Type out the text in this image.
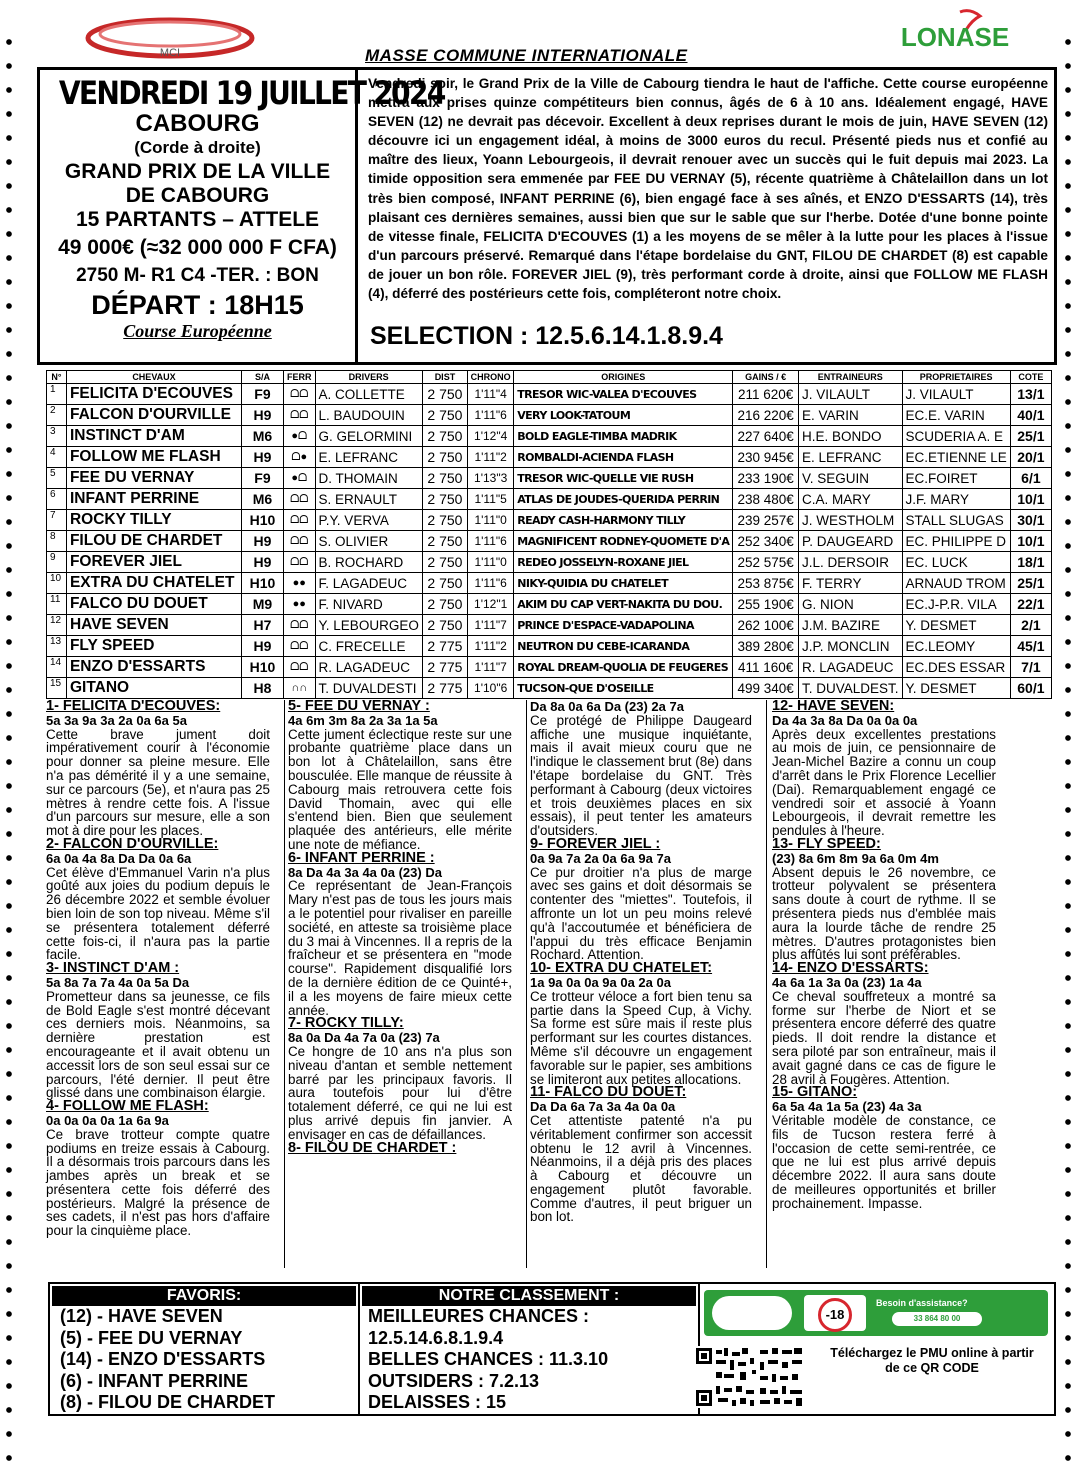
MCI
LONASE
MASSE COMMUNE INTERNATIONALE
VENDREDI 19 JUILLET 2024
CABOURG
(Corde à droite)
GRAND PRIX DE LA VILLE
DE CABOURG
15 PARTANTS – ATTELE
49 000€ (≈32 000 000 F CFA)
2750 M- R1 C4 -TER. : BON
DÉPART : 18H15
Course Européenne
Vendredi soir, le Grand Prix de la Ville de Cabourg tiendra le haut de l'affiche. Cette course européenne mettra aux prises quinze compétiteurs bien connus, âgés de 6 à 10 ans. Idéalement engagé, HAVE SEVEN (12) ne devrait pas décevoir. Excellent à deux reprises durant le mois de juin, HAVE SEVEN (12) découvre ici un engagement idéal, à moins de 3000 euros du recul. Présenté pieds nus et confié au maître des lieux, Yoann Lebourgeois, il devrait renouer avec un succès qui le fuit depuis mai 2023. La timide opposition sera emmenée par FEE DU VERNAY (5), récente quatrième à Châtelaillon dans un lot très bien composé, INFANT PERRINE (6), bien engagé face à ses aînés, et ENZO D'ESSARTS (14), très plaisant ces dernières semaines, aussi bien que sur le sable que sur l'herbe. Dotée d'une bonne pointe de vitesse finale, FELICITA D'ECOUVES (1) a les moyens de se mêler à la lutte pour les places à l'issue d'un parcours préservé. Remarqué dans l'étape bordelaise du GNT, FILOU DE CHARDET (8) est capable de jouer un bon rôle. FOREVER JIEL (9), très performant corde à droite, ainsi que FOLLOW ME FLASH (4), déferré des postérieurs cette fois, compléteront notre choix.
SELECTION : 12.5.6.14.1.8.9.4
N°	CHEVAUX	S/A	FERR	DRIVERS	DIST	CHRONO	ORIGINES	GAINS / €	ENTRAINEURS	PROPRIETAIRES	COTE
1	FELICITA D'ECOUVES	F9	ᗝᗝ	A. COLLETTE	2 750	1'11"4	TRESOR WIC-VALEA D'ECOUVES	211 620€	J. VILAULT	J. VILAULT	13/1
2	FALCON D'OURVILLE	H9	ᗝᗝ	L. BAUDOUIN	2 750	1'11"6	VERY LOOK-TATOUM	216 220€	E. VARIN	EC.E. VARIN	40/1
3	INSTINCT D'AM	M6	●ᗝ	G. GELORMINI	2 750	1'12"4	BOLD EAGLE-TIMBA MADRIK	227 640€	H.E. BONDO	SCUDERIA A. E	25/1
4	FOLLOW ME FLASH	H9	ᗝ●	E. LEFRANC	2 750	1'11"2	ROMBALDI-ACIENDA FLASH	230 945€	E. LEFRANC	EC.ETIENNE LE	20/1
5	FEE DU VERNAY	F9	●ᗝ	D. THOMAIN	2 750	1'13"3	TRESOR WIC-QUELLE VIE RUSH	233 190€	V. SEGUIN	EC.FOIRET	6/1
6	INFANT PERRINE	M6	ᗝᗝ	S. ERNAULT	2 750	1'11"5	ATLAS DE JOUDES-QUERIDA PERRIN	238 480€	C.A. MARY	J.F. MARY	10/1
7	ROCKY TILLY	H10	ᗝᗝ	P.Y. VERVA	2 750	1'11"0	READY CASH-HARMONY TILLY	239 257€	J. WESTHOLM	STALL SLUGAS	30/1
8	FILOU DE CHARDET	H9	ᗝᗝ	S. OLIVIER	2 750	1'11"6	MAGNIFICENT RODNEY-QUOMETE D'A	252 340€	P. DAUGEARD	EC. PHILIPPE D	10/1
9	FOREVER JIEL	H9	ᗝᗝ	B. ROCHARD	2 750	1'11"0	REDEO JOSSELYN-ROXANE JIEL	252 575€	J.L. DERSOIR	EC. LUCK	18/1
10	EXTRA DU CHATELET	H10	●●	F. LAGADEUC	2 750	1'11"6	NIKY-QUIDIA DU CHATELET	253 875€	F. TERRY	ARNAUD TROM	25/1
11	FALCO DU DOUET	M9	●●	F. NIVARD	2 750	1'12"1	AKIM DU CAP VERT-NAKITA DU DOU.	255 190€	G. NION	EC.J-P.R. VILA	22/1
12	HAVE SEVEN	H7	ᗝᗝ	Y. LEBOURGEO	2 750	1'11"7	PRINCE D'ESPACE-VADAPOLINA	262 100€	J.M. BAZIRE	Y. DESMET	2/1
13	FLY SPEED	H9	ᗝᗝ	C. FRECELLE	2 775	1'11"2	NEUTRON DU CEBE-ICARANDA	389 280€	J.P. MONCLIN	EC.LEOMY	45/1
14	ENZO D'ESSARTS	H10	ᗝᗝ	R. LAGADEUC	2 775	1'11"7	ROYAL DREAM-QUOLIA DE FEUGERES	411 160€	R. LAGADEUC	EC.DES ESSAR	7/1
15	GITANO	H8	∩∩	T. DUVALDESTI	2 775	1'10"6	TUCSON-QUE D'OSEILLE	499 340€	T. DUVALDEST.	Y. DESMET	60/1
1- FELICITA D'ECOUVES:
5a 3a 9a 3a 2a 0a 6a 5a
Cette brave jument doit impérativement courir à l'économie pour donner sa pleine mesure. Elle n'a pas démérité il y a une semaine, sur ce parcours (5e), et n'aura pas 25 mètres à rendre cette fois. A l'issue d'un parcours sur mesure, elle a son mot à dire pour les places.
2- FALCON D'OURVILLE:
6a 0a 4a 8a Da Da 0a 6a
Cet élève d'Emmanuel Varin n'a plus goûté aux joies du podium depuis le 26 décembre 2022 et semble évoluer bien loin de son top niveau. Même s'il se présentera totalement déferré cette fois-ci, il n'aura pas la partie facile.
3- INSTINCT D'AM :
5a 8a 7a 7a 4a 0a 5a Da
Prometteur dans sa jeunesse, ce fils de Bold Eagle s'est montré décevant ces derniers mois. Néanmoins, sa dernière prestation est encourageante et il avait obtenu un accessit lors de son seul essai sur ce parcours, l'été dernier. Il peut être glissé dans une combinaison élargie.
4- FOLLOW ME FLASH:
0a 0a 0a 0a 1a 6a 9a
Ce brave trotteur compte quatre podiums en treize essais à Cabourg. Il a désormais trois parcours dans les jambes après un break et se présentera cette fois déferré des postérieurs. Malgré la présence de ses cadets, il n'est pas hors d'affaire pour la cinquième place.
5- FEE DU VERNAY :
4a 6m 3m 8a 2a 3a 1a 5a
Cette jument éclectique reste sur une probante quatrième place dans un bon lot à Châtelaillon, sans être bousculée. Elle manque de réussite à Cabourg mais retrouvera cette fois David Thomain, avec qui elle s'entend bien. Bien que seulement plaquée des antérieurs, elle mérite une note de méfiance.
6- INFANT PERRINE :
8a Da 4a 3a 4a 0a (23) Da
Ce représentant de Jean-François Mary n'est pas de tous les jours mais a le potentiel pour rivaliser en pareille société, en atteste sa troisième place du 3 mai à Vincennes. Il a repris de la fraîcheur et se présentera en "mode course". Rapidement disqualifié lors de la dernière édition de ce Quinté+, il a les moyens de faire mieux cette année.
7- ROCKY TILLY:
8a 0a Da 4a 7a 0a (23) 7a
Ce hongre de 10 ans n'a plus son niveau d'antan et semble nettement barré par les principaux favoris. Il aura toutefois pour lui d'être totalement déferré, ce qui ne lui est plus arrivé depuis fin janvier. A envisager en cas de défaillances.
8- FILOU DE CHARDET :
Da 8a 0a 6a Da (23) 2a 7a
Ce protégé de Philippe Daugeard affiche une musique inquiétante, mais il avait mieux couru que ne l'indique le classement brut (8e) dans l'étape bordelaise du GNT. Très performant à Cabourg (deux victoires et trois deuxièmes places en six essais), il peut tenter les amateurs d'outsiders.
9- FOREVER JIEL :
0a 9a 7a 2a 0a 6a 9a 7a
Ce pur droitier n'a plus de marge avec ses gains et doit désormais se contenter des "miettes". Toutefois, il affronte un lot un peu moins relevé qu'à l'accoutumée et bénéficiera de l'appui du très efficace Benjamin Rochard. Attention.
10- EXTRA DU CHATELET:
1a 9a 0a 0a 9a 0a 2a 0a
Ce trotteur véloce a fort bien tenu sa partie dans la Speed Cup, à Vichy. Sa forme est sûre mais il reste plus performant sur les courtes distances. Même s'il découvre un engagement favorable sur le papier, ses ambitions se limiteront aux petites allocations.
11- FALCO DU DOUET:
Da Da 6a 7a 3a 4a 0a 0a
Cet attentiste patenté n'a pu véritablement confirmer son accessit obtenu le 12 avril à Vincennes. Néanmoins, il a déjà pris des places à Cabourg et découvre un engagement plutôt favorable. Comme d'autres, il peut briguer un bon lot.
12- HAVE SEVEN:
Da 4a 3a 8a Da 0a 0a 0a
Après deux excellentes prestations au mois de juin, ce pensionnaire de Jean-Michel Bazire a connu un coup d'arrêt dans le Prix Florence Lecellier (Dai). Remarquablement engagé ce vendredi soir et associé à Yoann Lebourgeois, il devrait remettre les pendules à l'heure.
13- FLY SPEED:
(23) 8a 6m 8m 9a 6a 0m 4m
Absent depuis le 26 novembre, ce trotteur polyvalent se présentera sans doute à court de rythme. Il se présentera pieds nus d'emblée mais aura la lourde tâche de rendre 25 mètres. D'autres protagonistes bien plus affûtés lui sont préférables.
14- ENZO D'ESSARTS:
4a 6a 1a 3a 0a (23) 1a 4a
Ce cheval souffreteux a montré sa forme sur l'herbe de Niort et se présentera encore déferré des quatre pieds. Il doit rendre la distance et sera piloté par son entraîneur, mais il avait gagné dans ce cas de figure le 28 avril à Fougères. Attention.
15- GITANO:
6a 5a 4a 1a 5a (23) 4a 3a
Véritable modèle de constance, ce fils de Tucson restera ferré à l'occasion de cette semi-rentrée, ce que ne lui est plus arrivé depuis décembre 2022. Il aura sans doute de meilleures opportunités et briller prochainement. Impasse.
FAVORIS:
(12) - HAVE SEVEN
(5) - FEE DU VERNAY
(14) - ENZO D'ESSARTS
(6) - INFANT PERRINE
(8) - FILOU DE CHARDET
NOTRE CLASSEMENT :
MEILLEURES CHANCES :
12.5.14.6.8.1.9.4
BELLES CHANCES : 11.3.10
OUTSIDERS : 7.2.13
DELAISSES : 15
-18
Besoin d'assistance?
33 864 80 00
Téléchargez le PMU online à partir de ce QR CODE
